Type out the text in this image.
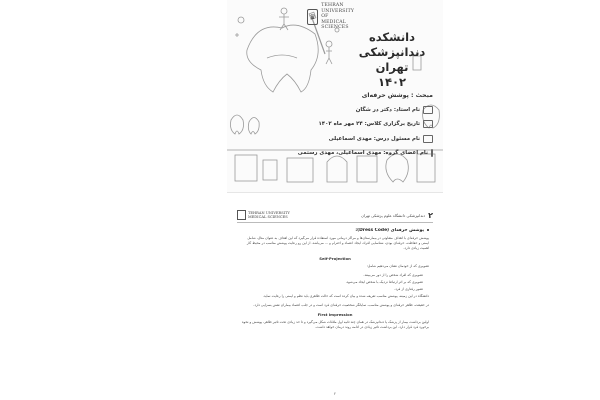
♛
TEHRAN UNIVERSITY
OF
MEDICAL SCIENCES
دانشکده دندانپزشکی
تهران
۱۴۰۲
مبحث : پوشش حرفه‌ای
نام استاد: دکتر در شگان
تاریخ برگزاری کلاس: ۲۴ مهر ماه ۱۴۰۲
نام مسئول درس: مهدی اسماعیلی
نام اعضای گروه: مهدی اسماعیلی، مهدی رستمی
TEHRAN UNIVERSITY
MEDICAL SCIENCES	۲
دندانپزشکی دانشگاه علوم پزشکی تهران
پوشش حرفه‌ای (Dress Code):

پوشش حرفه‌ای با اهداف متفاوتی در بیمارستان‌ها و مراکز درمانی مورد استفاده قرار می‌گیرد که این اهداف به عنوان مثال، شامل ایمنی و حفاظت، حرفه‌ای بودن، شناسایی افراد، ایجاد اعتماد و احترام و ... می‌باشد. از این رو رعایت پوشش مناسب در محیط کار اهمیت زیادی دارد.

Self-Projection

تصویری که از خودمان نشان می‌دهیم شامل:

تصویری که افراد شخص را از دور می‌بینند.
تصویری که بر اثر ارتباط نزدیک با شخص ایجاد می‌شود.
تصور رفتاری از فرد.

دانشگاه در این زمینه، پوشش مناسب تعریف شده و بیان کرده است که حالت ظاهری باید نظم و ایمنی را رعایت نماید.

در حقیقت، ظاهر حرفه‌ای و پوشش مناسب، نمایانگر شخصیت حرفه‌ای فرد است و در جلب اعتماد بیماران نقش بسزایی دارد.

First Impression

اولین برداشت بیمار از پزشک یا دندانپزشک در همان چند ثانیه اول ملاقات شکل می‌گیرد و تا حد زیادی تحت تاثیر ظاهر، پوشش و نحوه برخورد فرد قرار دارد. این برداشت تاثیر زیادی در ادامه روند درمان خواهد داشت.

۲
